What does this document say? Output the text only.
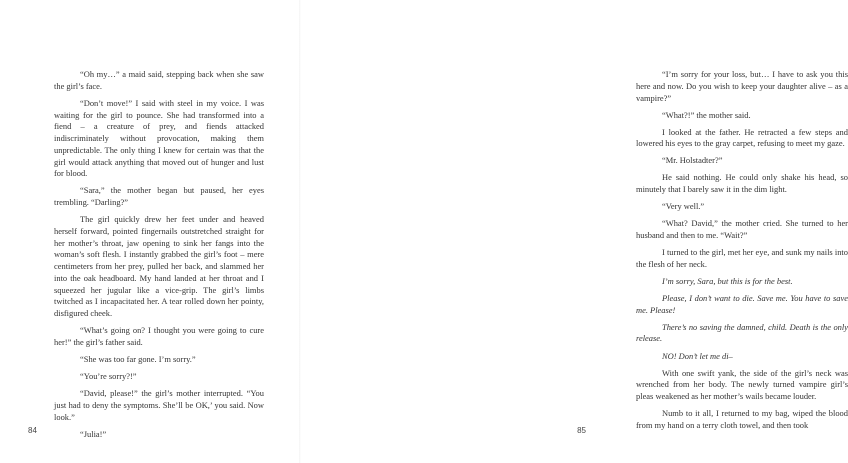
“Oh my…” a maid said, stepping back when she saw the girl’s face.

“Don’t move!” I said with steel in my voice. I was waiting for the girl to pounce. She had transformed into a fiend – a creature of prey, and fiends attacked indiscriminately without provocation, making them unpredictable. The only thing I knew for certain was that the girl would attack anything that moved out of hunger and lust for blood.

“Sara,” the mother began but paused, her eyes trembling. “Darling?”

The girl quickly drew her feet under and heaved herself forward, pointed fingernails outstretched straight for her mother’s throat, jaw opening to sink her fangs into the woman’s soft flesh. I instantly grabbed the girl’s foot – mere centimeters from her prey, pulled her back, and slammed her into the oak headboard. My hand landed at her throat and I squeezed her jugular like a vice-grip. The girl’s limbs twitched as I incapacitated her. A tear rolled down her pointy, disfigured cheek.

“What’s going on? I thought you were going to cure her!” the girl’s father said.

“She was too far gone. I’m sorry.”

“You’re sorry?!”

“David, please!” the girl’s mother interrupted. “You just had to deny the symptoms. She’ll be OK,’ you said. Now look.”

“Julia!”

84

“I’m sorry for your loss, but… I have to ask you this here and now. Do you wish to keep your daughter alive – as a vampire?”

“What?!” the mother said.

I looked at the father. He retracted a few steps and lowered his eyes to the gray carpet, refusing to meet my gaze.

“Mr. Holstadter?”

He said nothing. He could only shake his head, so minutely that I barely saw it in the dim light.

“Very well.”

“What? David,” the mother cried. She turned to her husband and then to me. “Wait?”

I turned to the girl, met her eye, and sunk my nails into the flesh of her neck.

I’m sorry, Sara, but this is for the best.

Please, I don’t want to die. Save me. You have to save me. Please!

There’s no saving the damned, child. Death is the only release.

NO! Don’t let me di–

With one swift yank, the side of the girl’s neck was wrenched from her body. The newly turned vampire girl’s pleas weakened as her mother’s wails became louder.

Numb to it all, I returned to my bag, wiped the blood from my hand on a terry cloth towel, and then took

85
